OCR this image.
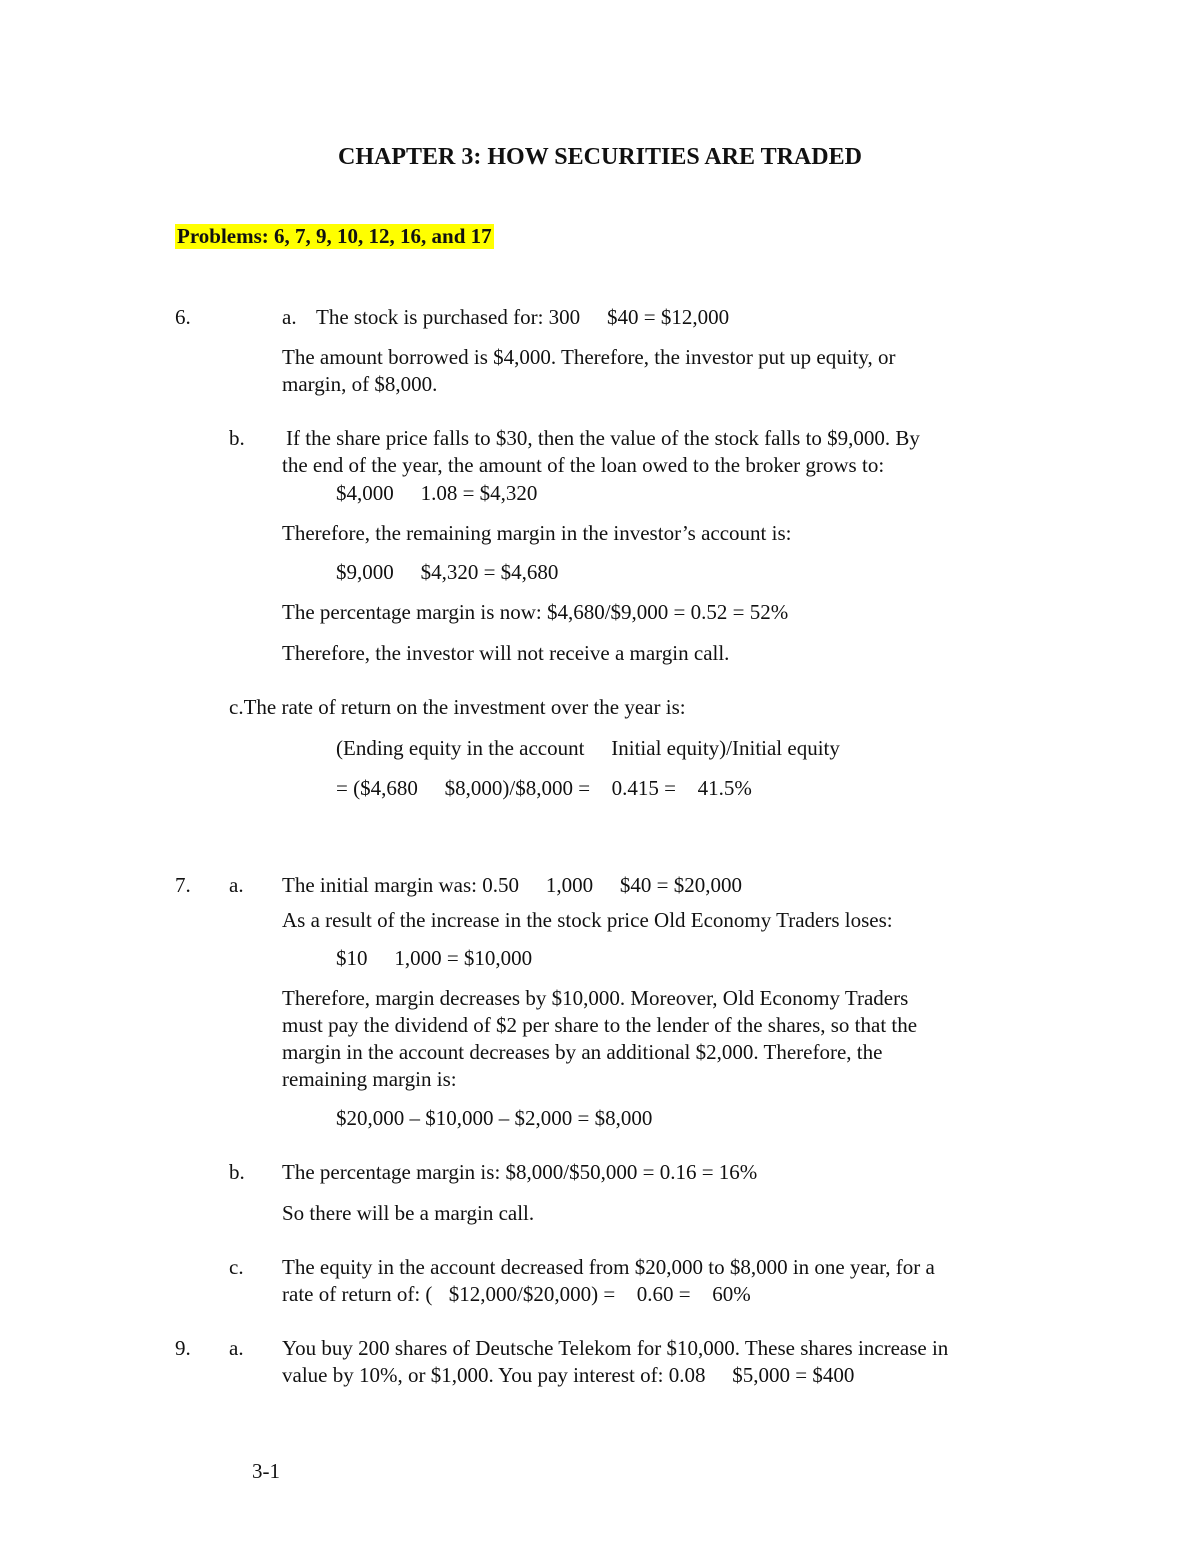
CHAPTER 3: HOW SECURITIES ARE TRADED
Problems: 6, 7, 9, 10, 12, 16, and 17
6.	a. The stock is purchased for: 300   $40 = $12,000
The amount borrowed is $4,000. Therefore, the investor put up equity, or
margin, of $8,000.
b. If the share price falls to $30, then the value of the stock falls to $9,000. By
the end of the year, the amount of the loan owed to the broker grows to:
$4,000   1.08 = $4,320
Therefore, the remaining margin in the investor’s account is:
$9,000   $4,320 = $4,680
The percentage margin is now: $4,680/$9,000 = 0.52 = 52%
Therefore, the investor will not receive a margin call.
c.The rate of return on the investment over the year is:
(Ending equity in the account   Initial equity)/Initial equity
= ($4,680   $8,000)/$8,000 =  0.415 =  41.5%
7. a. The initial margin was: 0.50   1,000   $40 = $20,000
As a result of the increase in the stock price Old Economy Traders loses:
$10   1,000 = $10,000
Therefore, margin decreases by $10,000. Moreover, Old Economy Traders
must pay the dividend of $2 per share to the lender of the shares, so that the
margin in the account decreases by an additional $2,000. Therefore, the
remaining margin is:
$20,000 – $10,000 – $2,000 = $8,000
b. The percentage margin is: $8,000/$50,000 = 0.16 = 16%
So there will be a margin call.
c. The equity in the account decreased from $20,000 to $8,000 in one year, for a
rate of return of: ( $12,000/$20,000) =  0.60 =  60%
9. a. You buy 200 shares of Deutsche Telekom for $10,000. These shares increase in
value by 10%, or $1,000. You pay interest of: 0.08   $5,000 = $400
3-1
